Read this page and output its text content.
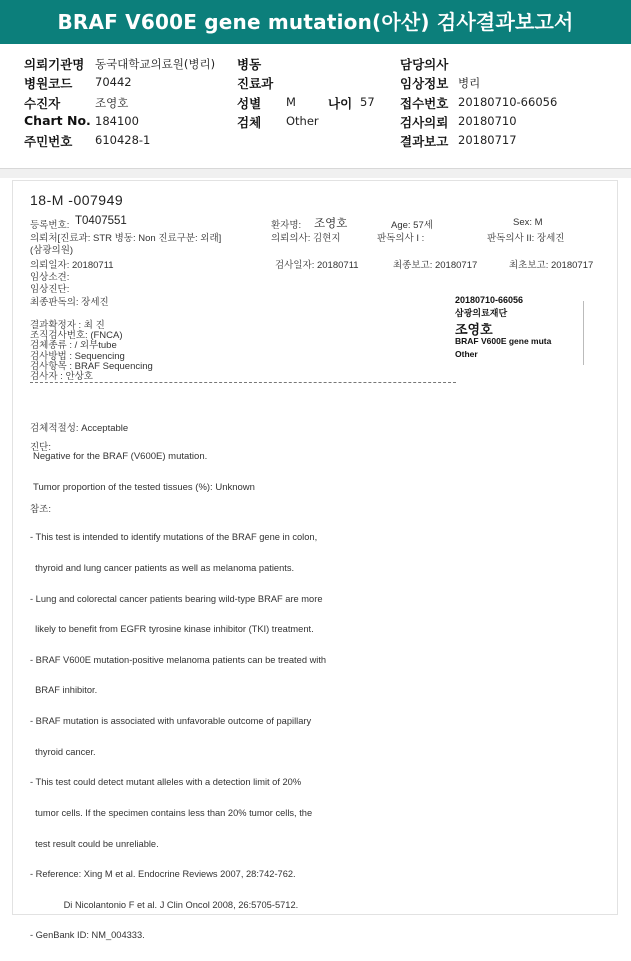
BRAF V600E gene mutation(아산) 검사결과보고서
의뢰기관명 동국대학교의료원(병리)
병원코드 70442
수진자	조영호
Chart No. 184100
주민번호 610428-1
병동
진료과
성별 M
검체 Other
나이 57
담당의사
임상정보 병리
접수번호 20180710-66056
검사의뢰 20180710
결과보고 20180717
18-M -007949
등록번호: T0407551	환자명: 조영호	Age: 57세	Sex: M
의뢰처[진료과: STR 병동: Non 진료구분: 외래]	의뢰의사: 김현지	판독의사 I :	판독의사 II: 장세진
(삼광의원)
의뢰일자: 20180711	검사일자: 20180711	최종보고: 20180717	최초보고: 20180717
임상소견:
임상진단:
최종판독의: 장세진
결과확정자 : 최 진
조직검사번호: (FNCA)
검체종류 : / 외부tube
검사방법 : Sequencing
검사항목 : BRAF Sequencing
검사자 : 안상호
20180710-66056
삼광의료재단
조영호
BRAF V600E gene muta
Other
검체적절성: Acceptable
진단:
Negative for the BRAF (V600E) mutation.
Tumor proportion of the tested tissues (%): Unknown
참조:

- This test is intended to identify mutations of the BRAF gene in colon,

thyroid and lung cancer patients as well as melanoma patients.

- Lung and colorectal cancer patients bearing wild-type BRAF are more

likely to benefit from EGFR tyrosine kinase inhibitor (TKI) treatment.

- BRAF V600E mutation-positive melanoma patients can be treated with

BRAF inhibitor.

- BRAF mutation is associated with unfavorable outcome of papillary

thyroid cancer.

- This test could detect mutant alleles with a detection limit of 20%

tumor cells. If the specimen contains less than 20% tumor cells, the

test result could be unreliable.

- Reference: Xing M et al. Endocrine Reviews 2007, 28:742-762.

Di Nicolantonio F et al. J Clin Oncol 2008, 26:5705-5712.

- GenBank ID: NM_004333.
